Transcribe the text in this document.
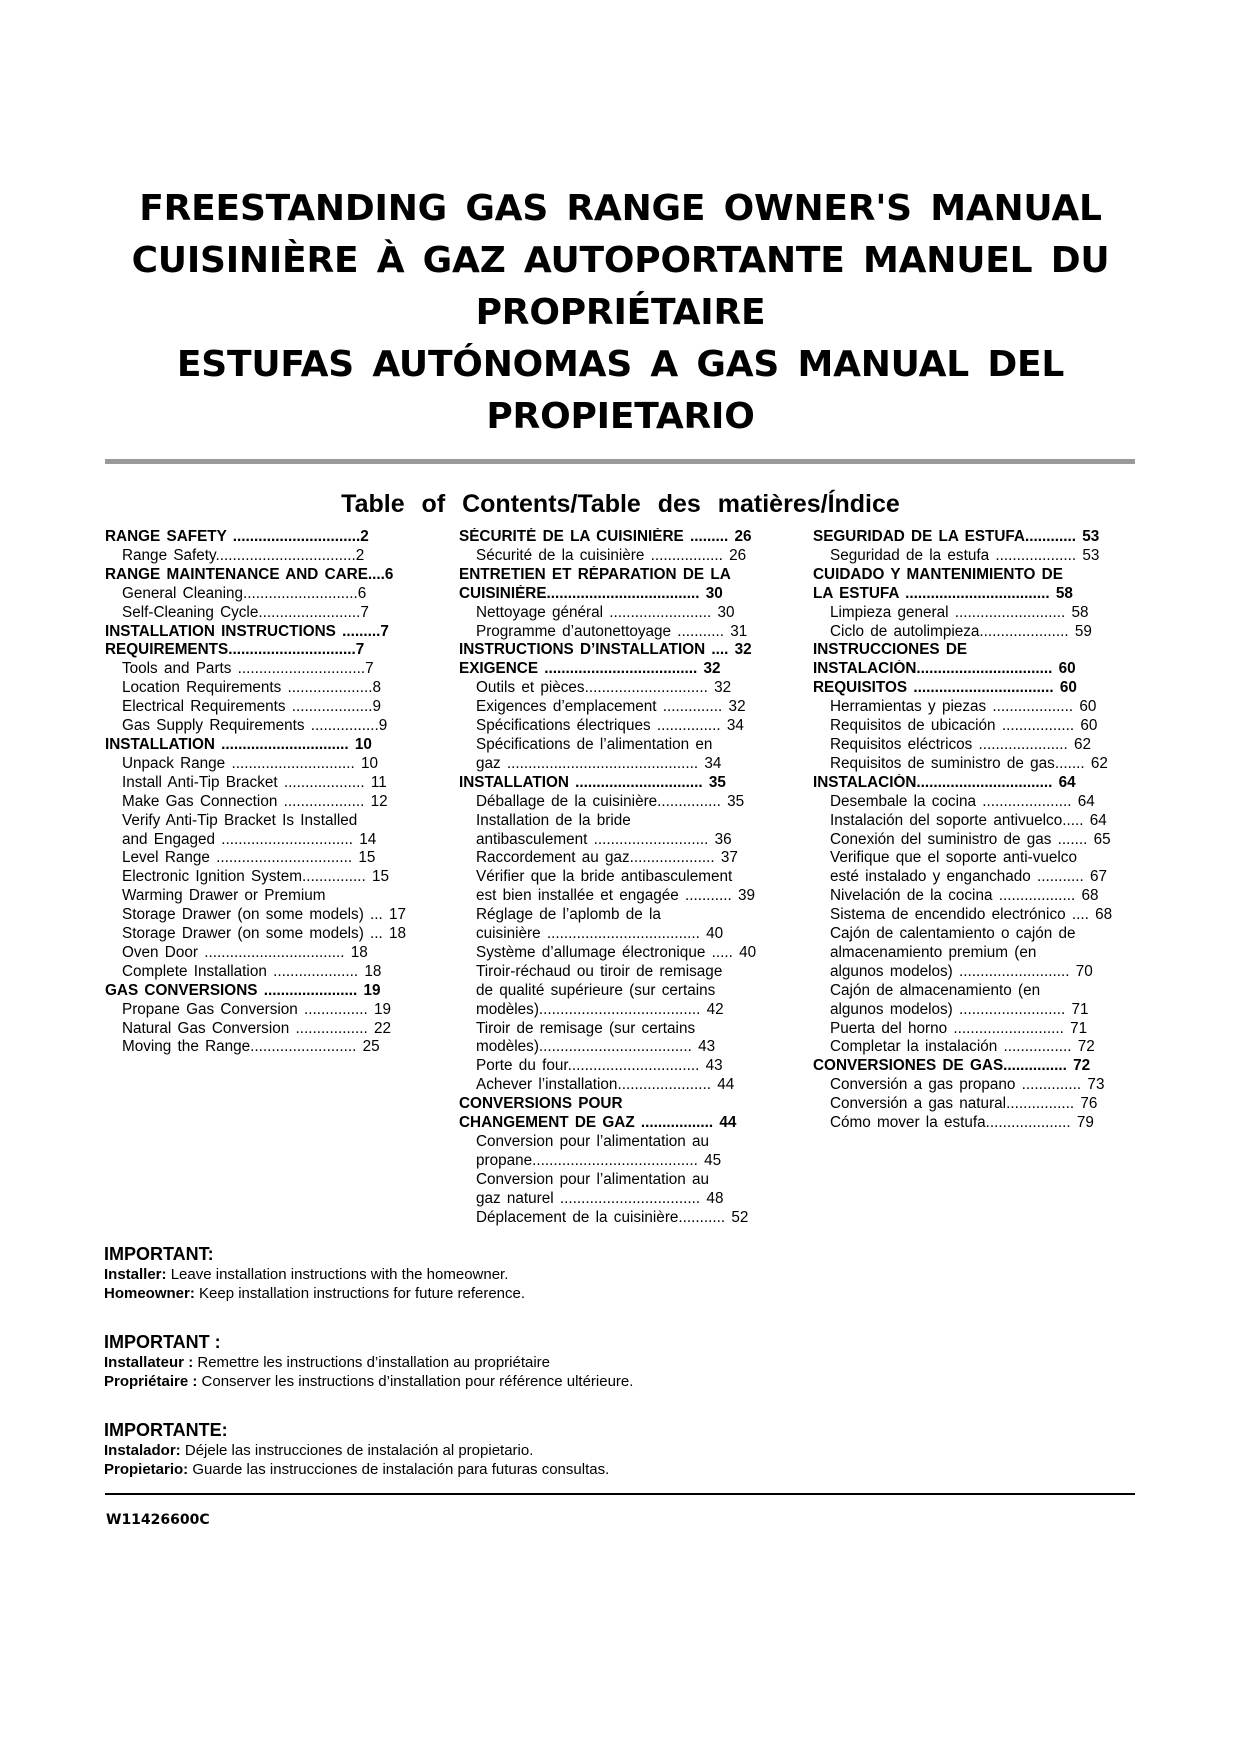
FREESTANDING GAS RANGE OWNER'S MANUAL
CUISINIÈRE À GAZ AUTOPORTANTE MANUEL DU
PROPRIÉTAIRE
ESTUFAS AUTÓNOMAS A GAS MANUAL DEL
PROPIETARIO
Table of Contents/Table des matières/Índice
RANGE SAFETY ..............................2
Range Safety.................................2
RANGE MAINTENANCE AND CARE....6
General Cleaning...........................6
Self-Cleaning Cycle........................7
INSTALLATION INSTRUCTIONS .........7
REQUIREMENTS..............................7
Tools and Parts ..............................7
Location Requirements ....................8
Electrical Requirements ...................9
Gas Supply Requirements ................9
INSTALLATION .............................. 10
Unpack Range ............................. 10
Install Anti-Tip Bracket ................... 11
Make Gas Connection ................... 12
Verify Anti-Tip Bracket Is Installed
and Engaged ............................... 14
Level Range ................................ 15
Electronic Ignition System............... 15
Warming Drawer or Premium
Storage Drawer (on some models) ... 17
Storage Drawer (on some models) ... 18
Oven Door ................................. 18
Complete Installation .................... 18
GAS CONVERSIONS ...................... 19
Propane Gas Conversion ............... 19
Natural Gas Conversion ................. 22
Moving the Range......................... 25
SÉCURITÉ DE LA CUISINIÈRE ......... 26
Sécurité de la cuisinière ................. 26
ENTRETIEN ET RÉPARATION DE LA
CUISINIÈRE.................................... 30
Nettoyage général ........................ 30
Programme d’autonettoyage ........... 31
INSTRUCTIONS D’INSTALLATION .... 32
EXIGENCE .................................... 32
Outils et pièces............................. 32
Exigences d’emplacement .............. 32
Spécifications électriques ............... 34
Spécifications de l’alimentation en
gaz ............................................. 34
INSTALLATION .............................. 35
Déballage de la cuisinière............... 35
Installation de la bride
antibasculement ........................... 36
Raccordement au gaz.................... 37
Vérifier que la bride antibasculement
est bien installée et engagée ........... 39
Réglage de l’aplomb de la
cuisinière .................................... 40
Système d’allumage électronique ..... 40
Tiroir-réchaud ou tiroir de remisage
de qualité supérieure (sur certains
modèles)...................................... 42
Tiroir de remisage (sur certains
modèles).................................... 43
Porte du four............................... 43
Achever l’installation...................... 44
CONVERSIONS POUR
CHANGEMENT DE GAZ ................. 44
Conversion pour l’alimentation au
propane....................................... 45
Conversion pour l’alimentation au
gaz naturel ................................. 48
Déplacement de la cuisinière........... 52
SEGURIDAD DE LA ESTUFA............ 53
Seguridad de la estufa ................... 53
CUIDADO Y MANTENIMIENTO DE
LA ESTUFA .................................. 58
Limpieza general .......................... 58
Ciclo de autolimpieza..................... 59
INSTRUCCIONES DE
INSTALACIÓN................................ 60
REQUISITOS ................................. 60
Herramientas y piezas ................... 60
Requisitos de ubicación ................. 60
Requisitos eléctricos ..................... 62
Requisitos de suministro de gas....... 62
INSTALACIÓN................................ 64
Desembale la cocina ..................... 64
Instalación del soporte antivuelco..... 64
Conexión del suministro de gas ....... 65
Verifique que el soporte anti-vuelco
esté instalado y enganchado ........... 67
Nivelación de la cocina .................. 68
Sistema de encendido electrónico .... 68
Cajón de calentamiento o cajón de
almacenamiento premium (en
algunos modelos) .......................... 70
Cajón de almacenamiento (en
algunos modelos) ......................... 71
Puerta del horno .......................... 71
Completar la instalación ................ 72
CONVERSIONES DE GAS............... 72
Conversión a gas propano .............. 73
Conversión a gas natural................ 76
Cómo mover la estufa.................... 79
IMPORTANT:
Installer: Leave installation instructions with the homeowner.
Homeowner: Keep installation instructions for future reference.
IMPORTANT :
Installateur : Remettre les instructions d’installation au propriétaire
Propriétaire : Conserver les instructions d’installation pour référence ultérieure.
IMPORTANTE:
Instalador: Déjele las instrucciones de instalación al propietario.
Propietario: Guarde las instrucciones de instalación para futuras consultas.
W11426600C
